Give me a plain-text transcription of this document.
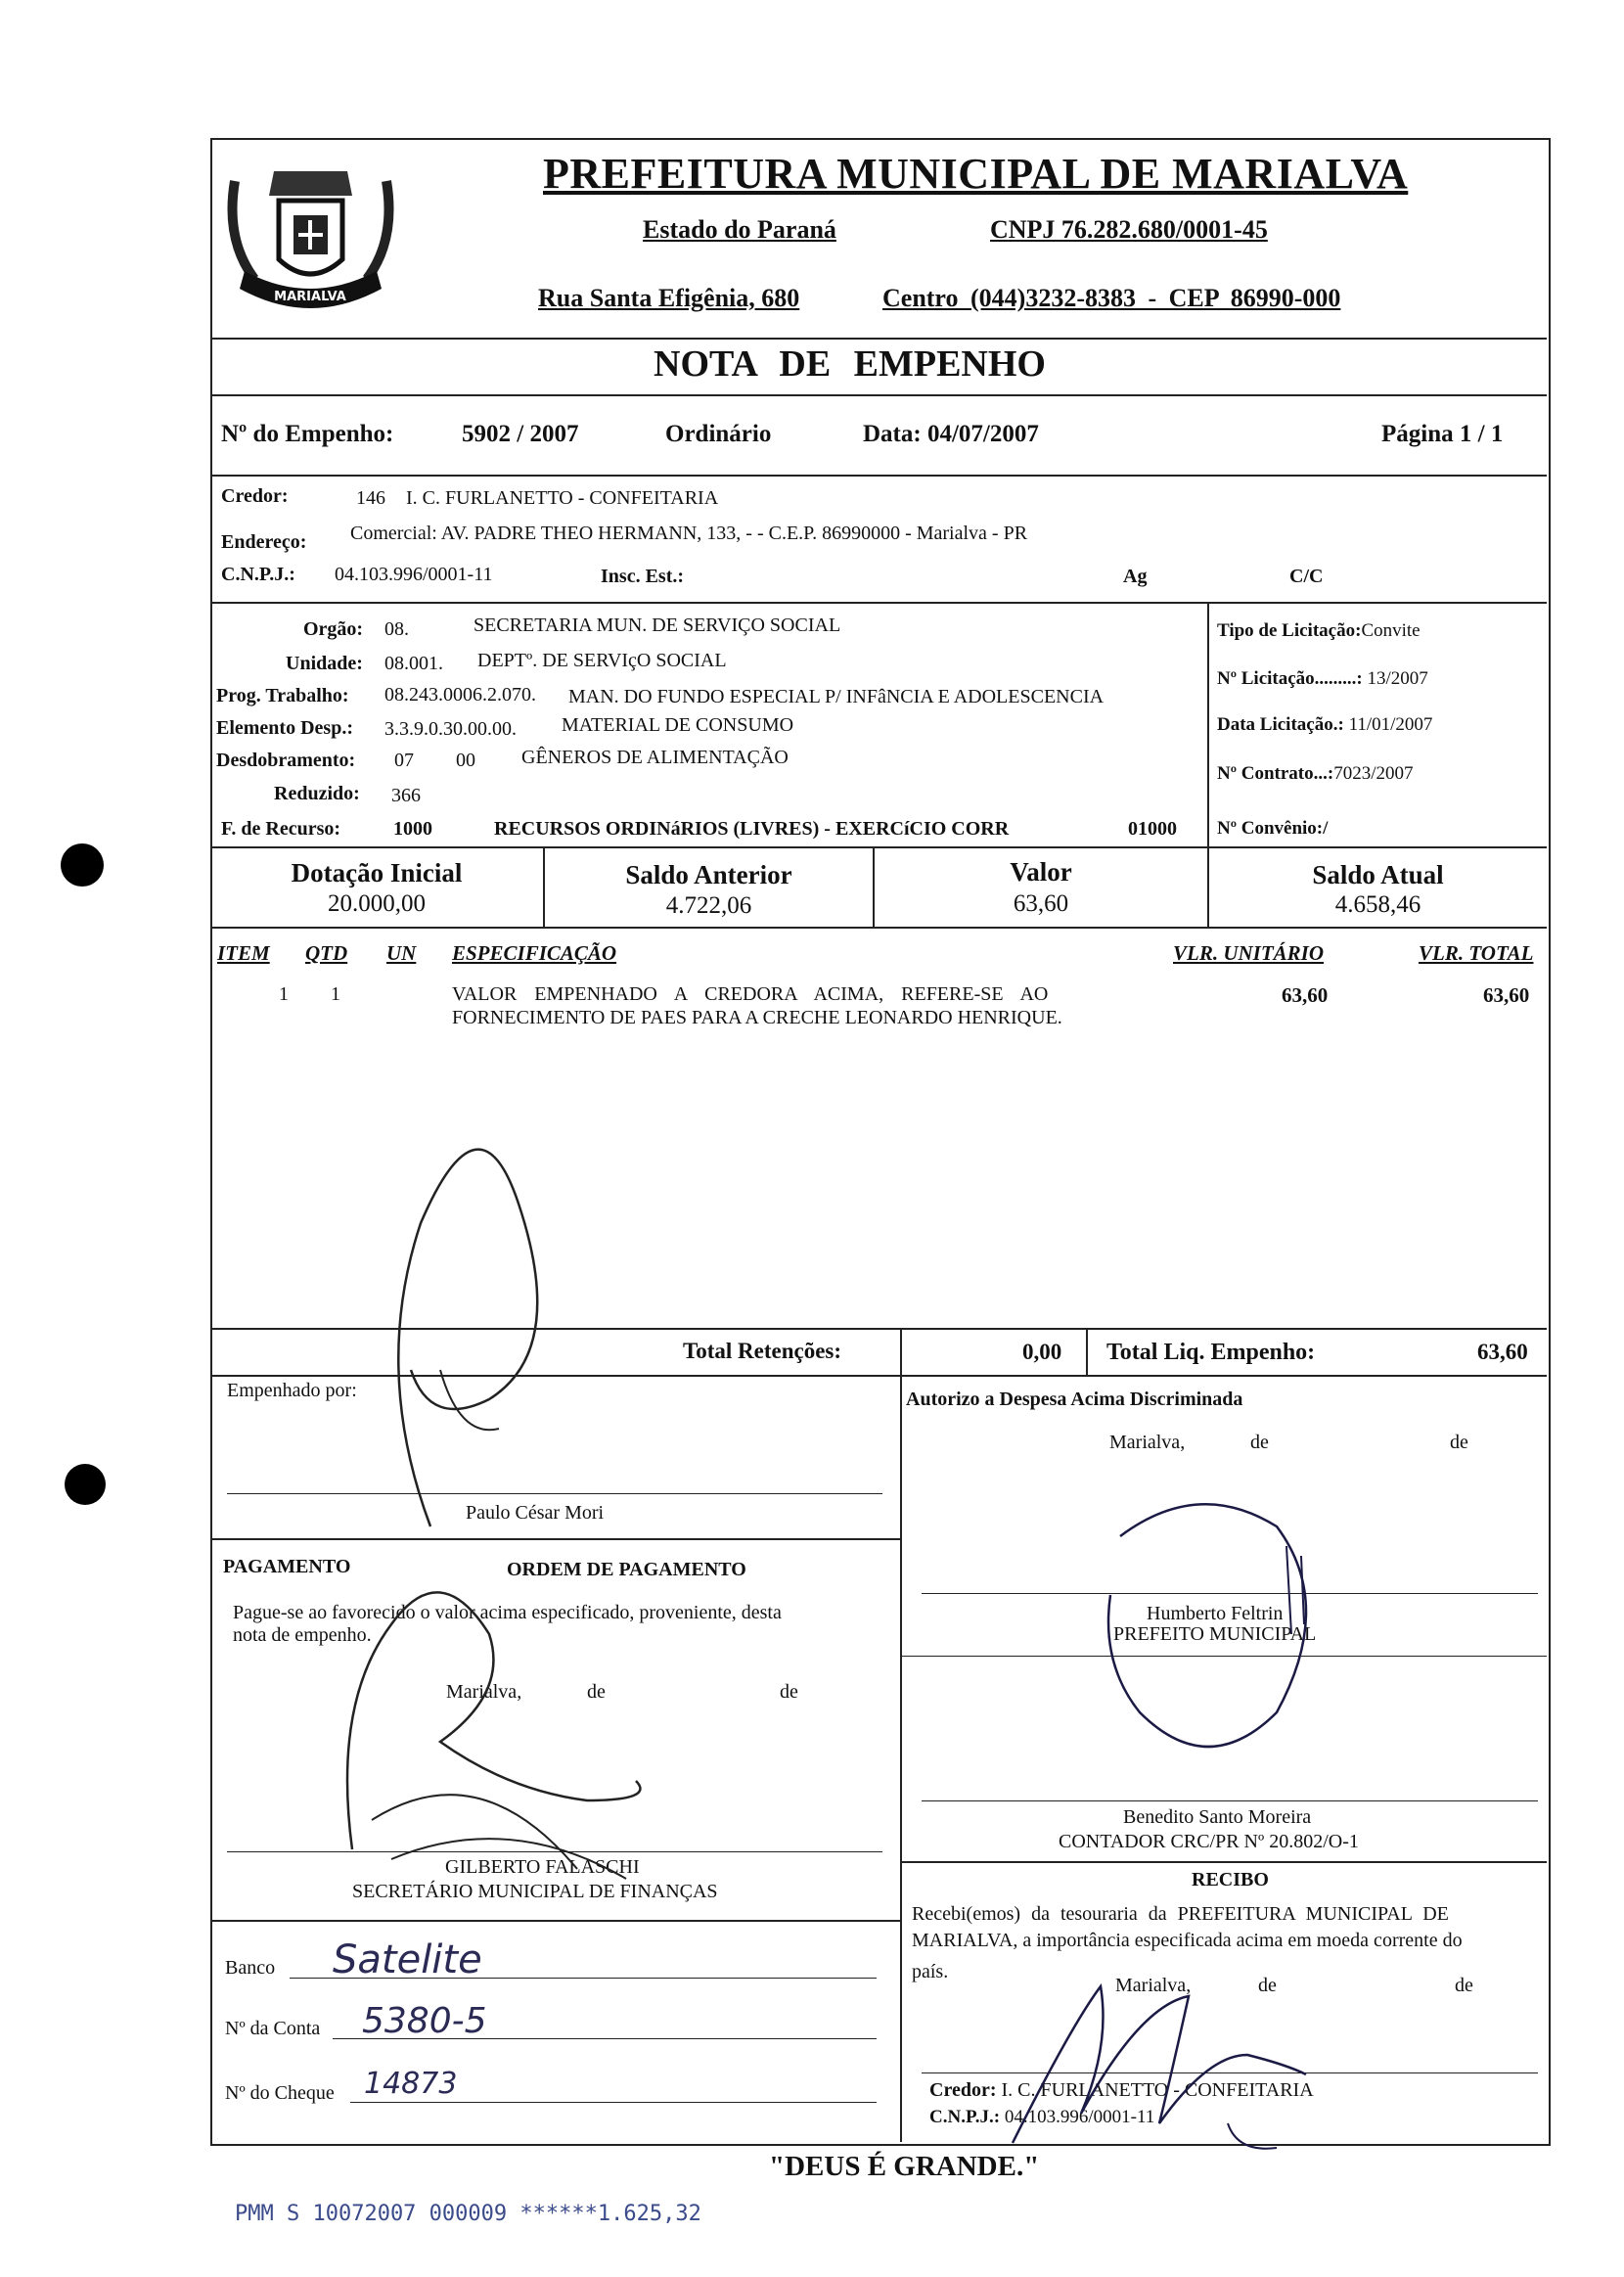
MARIALVA
PREFEITURA MUNICIPAL DE MARIALVA
Estado do Paraná	CNPJ 76.282.680/0001-45
Rua Santa Efigênia, 680	Centro (044)3232-8383 - CEP 86990-000
NOTA DE EMPENHO
Nº do Empenho:	5902 / 2007	Ordinário	Data: 04/07/2007	Página 1 / 1
Credor:	146 I. C. FURLANETTO - CONFEITARIA
Endereço: Comercial: AV. PADRE THEO HERMANN, 133, - - C.E.P. 86990000 - Marialva - PR
C.N.P.J.: 04.103.996/0001-11	Insc. Est.:	Ag	C/C
Orgão: 08.	SECRETARIA MUN. DE SERVIÇO SOCIAL
Unidade: 08.001. DEPTº. DE SERVIçO SOCIAL
Prog. Trabalho: 08.243.0006.2.070. MAN. DO FUNDO ESPECIAL P/ INFâNCIA E ADOLESCENCIA
Elemento Desp.: 3.3.9.0.30.00.00. MATERIAL DE CONSUMO
Desdobramento: 07 00 GÊNEROS DE ALIMENTAÇÃO
Reduzido: 366
F. de Recurso:	1000	RECURSOS ORDINáRIOS (LIVRES) - EXERCíCIO CORR	01000
Tipo de Licitação:Convite
Nº Licitação.........: 13/2007
Data Licitação.: 11/01/2007
Nº Contrato...:7023/2007
Nº Convênio:/
Dotação Inicial
20.000,00
Saldo Anterior
4.722,06
Valor
63,60
Saldo Atual
4.658,46
ITEM QTD UN ESPECIFICAÇÃO	VLR. UNITÁRIO	VLR. TOTAL
1 1	VALOR EMPENHADO A CREDORA ACIMA, REFERE-SE AO
FORNECIMENTO DE PAES PARA A CRECHE LEONARDO HENRIQUE.
63,60	63,60
Total Retenções:	0,00 Total Liq. Empenho:	63,60
Empenhado por:
Paulo César Mori
PAGAMENTO	ORDEM DE PAGAMENTO
Pague-se ao favorecido o valor acima especificado, proveniente, desta
nota de empenho.
Marialva,	de	de
GILBERTO FALASCHI
SECRETÁRIO MUNICIPAL DE FINANÇAS
Banco Satelite
Nº da Conta 5380-5
Nº do Cheque 14873
Autorizo a Despesa Acima Discriminada
Marialva,	de	de
Humberto Feltrin
PREFEITO MUNICIPAL
Benedito Santo Moreira
CONTADOR CRC/PR Nº 20.802/O-1
RECIBO
Recebi(emos) da tesouraria da PREFEITURA MUNICIPAL DE
MARIALVA, a importância especificada acima em moeda corrente do
país.
Marialva,	de	de
Credor: I. C. FURLANETTO - CONFEITARIA
C.N.P.J.: 04.103.996/0001-11
"DEUS É GRANDE."
PMM S 10072007 000009 ******1.625,32
